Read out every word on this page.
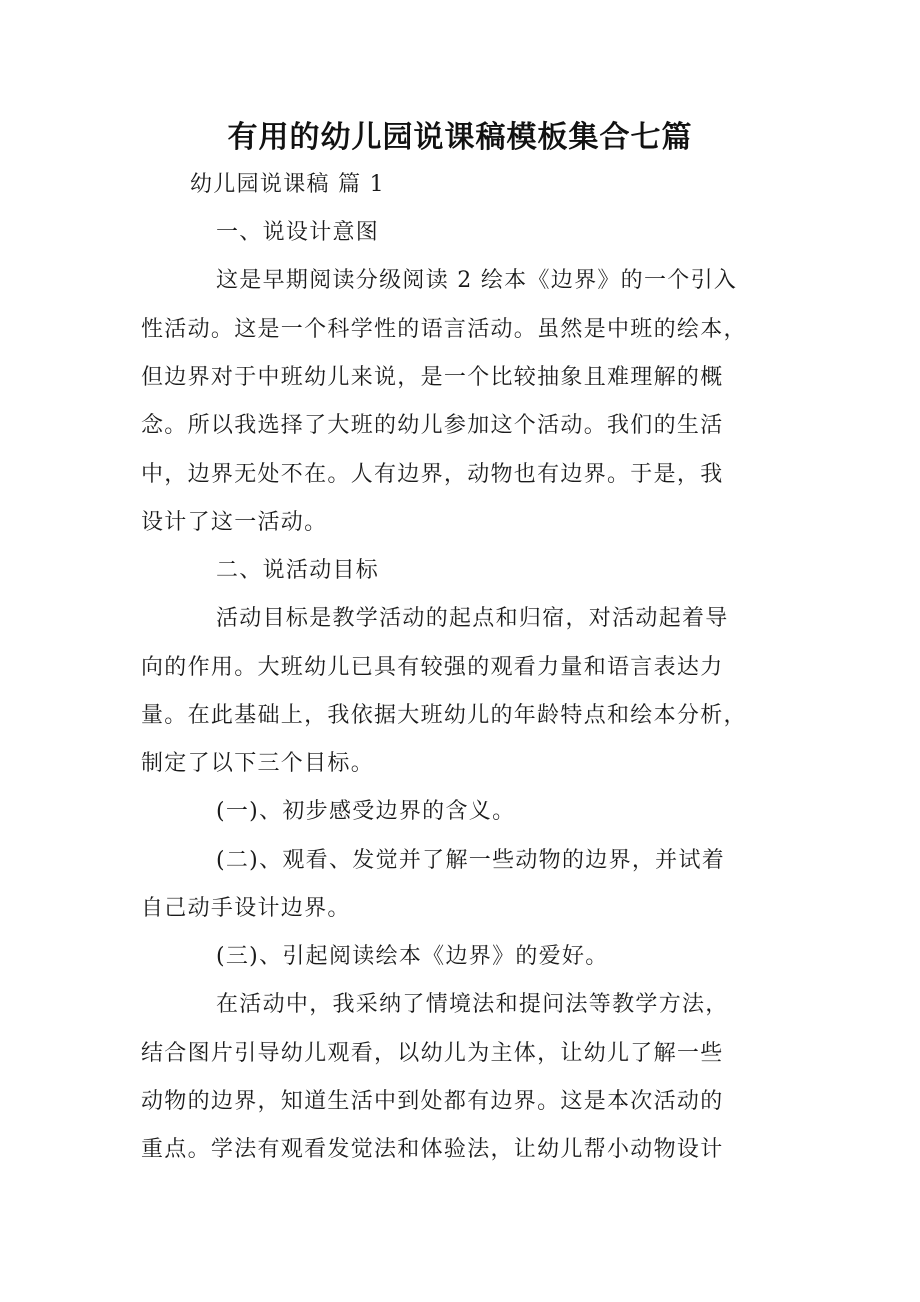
有用的幼儿园说课稿模板集合七篇
幼儿园说课稿 篇 1
一、说设计意图
这是早期阅读分级阅读 2 绘本《边界》的一个引入
性活动。这是一个科学性的语言活动。虽然是中班的绘本，
但边界对于中班幼儿来说，是一个比较抽象且难理解的概
念。所以我选择了大班的幼儿参加这个活动。我们的生活
中，边界无处不在。人有边界，动物也有边界。于是，我
设计了这一活动。
二、说活动目标
活动目标是教学活动的起点和归宿，对活动起着导
向的作用。大班幼儿已具有较强的观看力量和语言表达力
量。在此基础上，我依据大班幼儿的年龄特点和绘本分析，
制定了以下三个目标。
(一)、初步感受边界的含义。
(二)、观看、发觉并了解一些动物的边界，并试着
自己动手设计边界。
(三)、引起阅读绘本《边界》的爱好。
在活动中，我采纳了情境法和提问法等教学方法，
结合图片引导幼儿观看，以幼儿为主体，让幼儿了解一些
动物的边界，知道生活中到处都有边界。这是本次活动的
重点。学法有观看发觉法和体验法，让幼儿帮小动物设计
